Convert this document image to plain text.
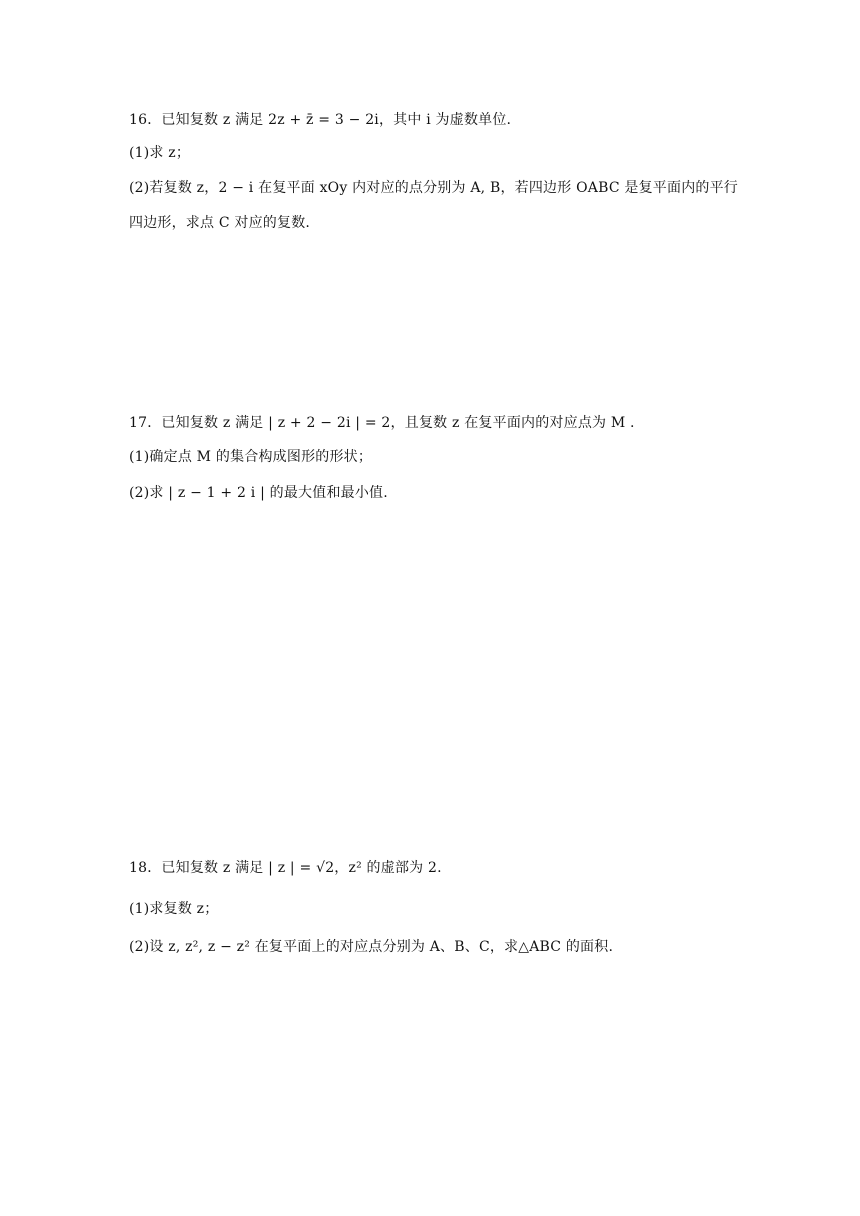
16．已知复数 z 满足 2z + z̄ = 3 − 2i，其中 i 为虚数单位.
(1)求 z；
(2)若复数 z，2 − i 在复平面 xOy 内对应的点分别为 A, B，若四边形 OABC 是复平面内的平行
四边形，求点 C 对应的复数.
17．已知复数 z 满足 | z + 2 − 2i | = 2，且复数 z 在复平面内的对应点为 M .
(1)确定点 M 的集合构成图形的形状；
(2)求 | z − 1 + 2 i | 的最大值和最小值.
18．已知复数 z 满足 | z | = √2，z² 的虚部为 2.
(1)求复数 z；
(2)设 z, z², z − z² 在复平面上的对应点分别为 A、B、C，求△ABC 的面积.
